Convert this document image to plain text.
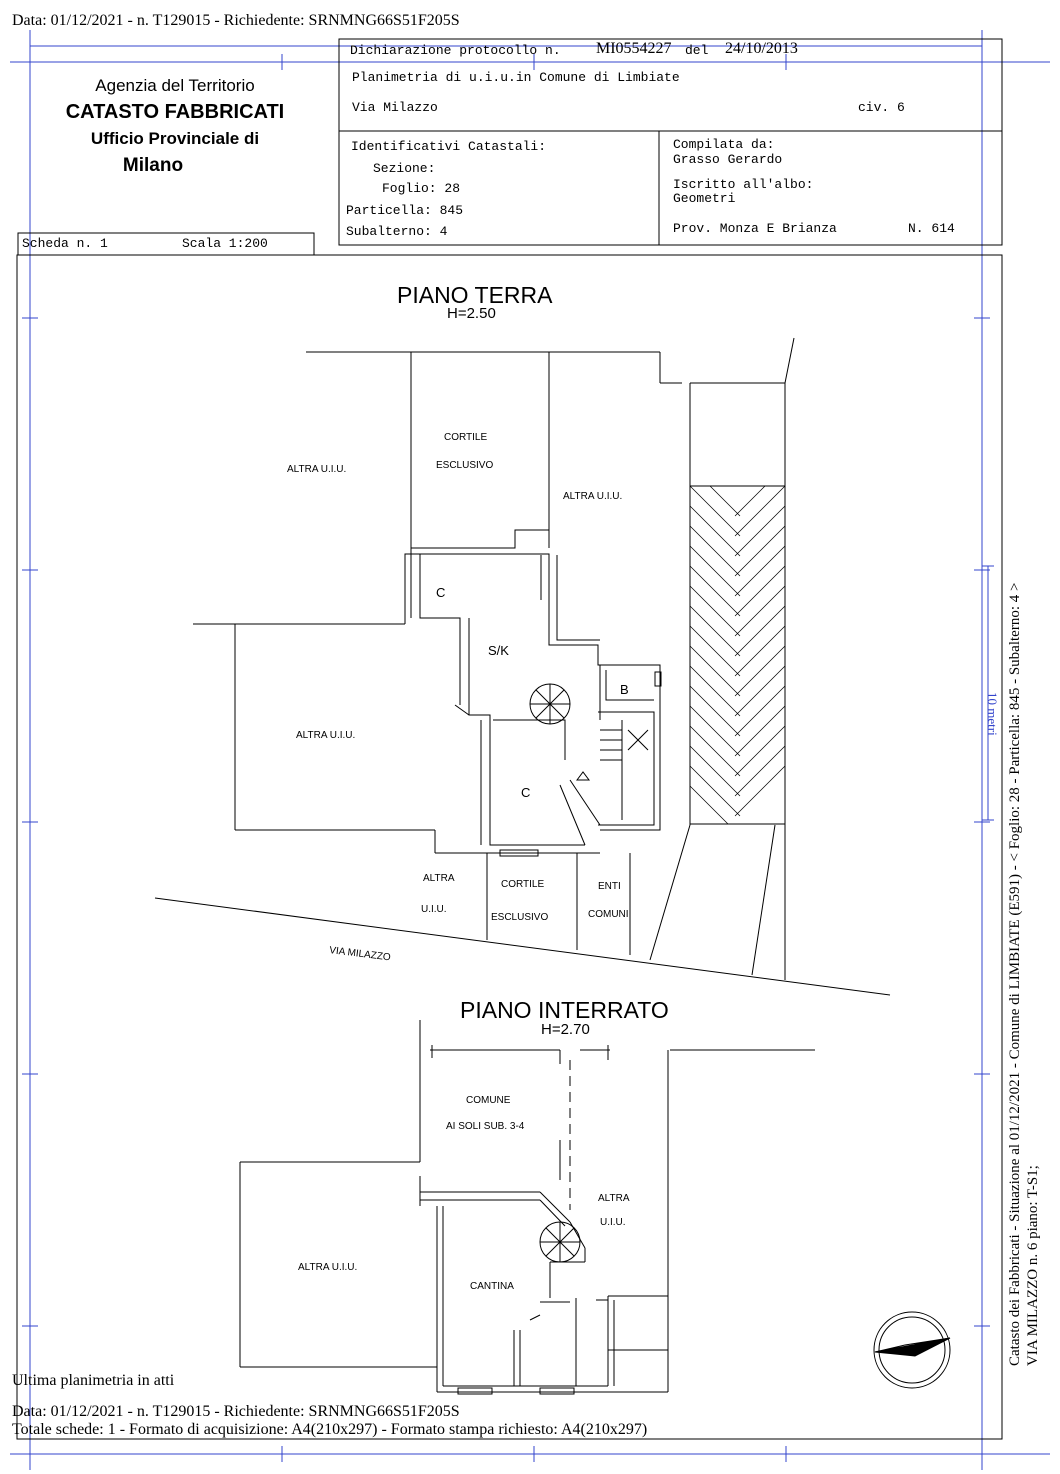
Data: 01/12/2021 - n. T129015 - Richiedente: SRNMNG66S51F205S
Agenzia del Territorio
CATASTO FABBRICATI
Ufficio Provinciale di
Milano
Scheda n. 1	Scala 1:200
Dichiarazione protocollo n. MI0554227 del 24/10/2013
Planimetria di u.i.u.in Comune di Limbiate
Via Milazzo	civ. 6
Identificativi Catastali:
Sezione:
Foglio: 28
Particella: 845
Subalterno: 4
Compilata da:
Grasso Gerardo
Iscritto all'albo:
Geometri
Prov. Monza E Brianza	N. 614
PIANO TERRA
H=2.50
CORTILE
ESCLUSIVO
ALTRA U.I.U.
ALTRA U.I.U.
C
S/K
B
ALTRA U.I.U.
C
ALTRA
U.I.U.
CORTILE
ESCLUSIVO
ENTI
COMUNI
VIA MILAZZO
PIANO INTERRATO
H=2.70
COMUNE
AI SOLI SUB. 3-4
ALTRA
U.I.U.
ALTRA U.I.U.
CANTINA
10 metri Catasto dei Fabbricati - Situazione al 01/12/2021 - Comune di LIMBIATE (E591) - < Foglio: 28 - Particella: 845 - Subalterno: 4 > VIA MILAZZO n. 6 piano: T-S1;
Ultima planimetria in atti
Data: 01/12/2021 - n. T129015 - Richiedente: SRNMNG66S51F205S
Totale schede: 1 - Formato di acquisizione: A4(210x297) - Formato stampa richiesto: A4(210x297)
